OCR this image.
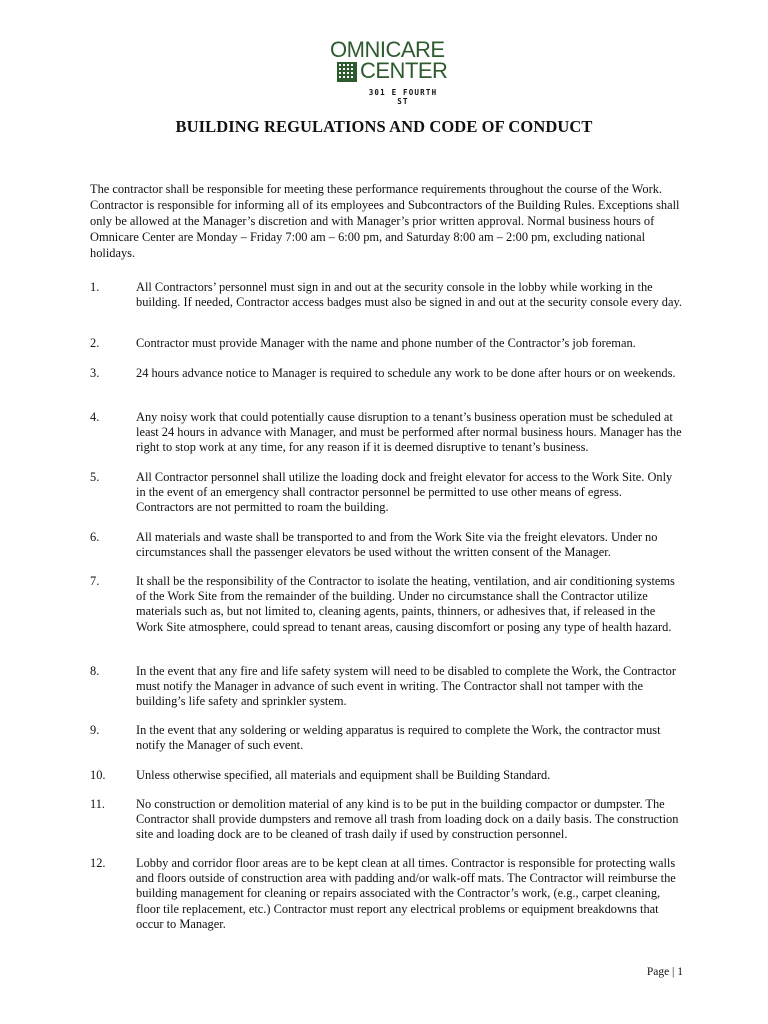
OMNICARE
CENTER
301 E FOURTH ST
BUILDING REGULATIONS AND CODE OF CONDUCT
The contractor shall be responsible for meeting these performance requirements throughout the course of the Work. Contractor is responsible for informing all of its employees and Subcontractors of the Building Rules. Exceptions shall only be allowed at the Manager’s discretion and with Manager’s prior written approval. Normal business hours of Omnicare Center are Monday – Friday 7:00 am – 6:00 pm, and Saturday 8:00 am – 2:00 pm, excluding national holidays.
1.	All Contractors’ personnel must sign in and out at the security console in the lobby while working in the building. If needed, Contractor access badges must also be signed in and out at the security console every day.
2.	Contractor must provide Manager with the name and phone number of the Contractor’s job foreman.
3.	24 hours advance notice to Manager is required to schedule any work to be done after hours or on weekends.
4.	Any noisy work that could potentially cause disruption to a tenant’s business operation must be scheduled at least 24 hours in advance with Manager, and must be performed after normal business hours. Manager has the right to stop work at any time, for any reason if it is deemed disruptive to tenant’s business.
5.	All Contractor personnel shall utilize the loading dock and freight elevator for access to the Work Site. Only in the event of an emergency shall contractor personnel be permitted to use other means of egress. Contractors are not permitted to roam the building.
6.	All materials and waste shall be transported to and from the Work Site via the freight elevators. Under no circumstances shall the passenger elevators be used without the written consent of the Manager.
7.	It shall be the responsibility of the Contractor to isolate the heating, ventilation, and air conditioning systems of the Work Site from the remainder of the building. Under no circumstance shall the Contractor utilize materials such as, but not limited to, cleaning agents, paints, thinners, or adhesives that, if released in the Work Site atmosphere, could spread to tenant areas, causing discomfort or posing any type of health hazard.
8.	In the event that any fire and life safety system will need to be disabled to complete the Work, the Contractor must notify the Manager in advance of such event in writing. The Contractor shall not tamper with the building’s life safety and sprinkler system.
9.	In the event that any soldering or welding apparatus is required to complete the Work, the contractor must notify the Manager of such event.
10.	Unless otherwise specified, all materials and equipment shall be Building Standard.
11.	No construction or demolition material of any kind is to be put in the building compactor or dumpster. The Contractor shall provide dumpsters and remove all trash from loading dock on a daily basis. The construction site and loading dock are to be cleaned of trash daily if used by construction personnel.
12.	Lobby and corridor floor areas are to be kept clean at all times. Contractor is responsible for protecting walls and floors outside of construction area with padding and/or walk-off mats. The Contractor will reimburse the building management for cleaning or repairs associated with the Contractor’s work, (e.g., carpet cleaning, floor tile replacement, etc.) Contractor must report any electrical problems or equipment breakdowns that occur to Manager.
Page | 1
